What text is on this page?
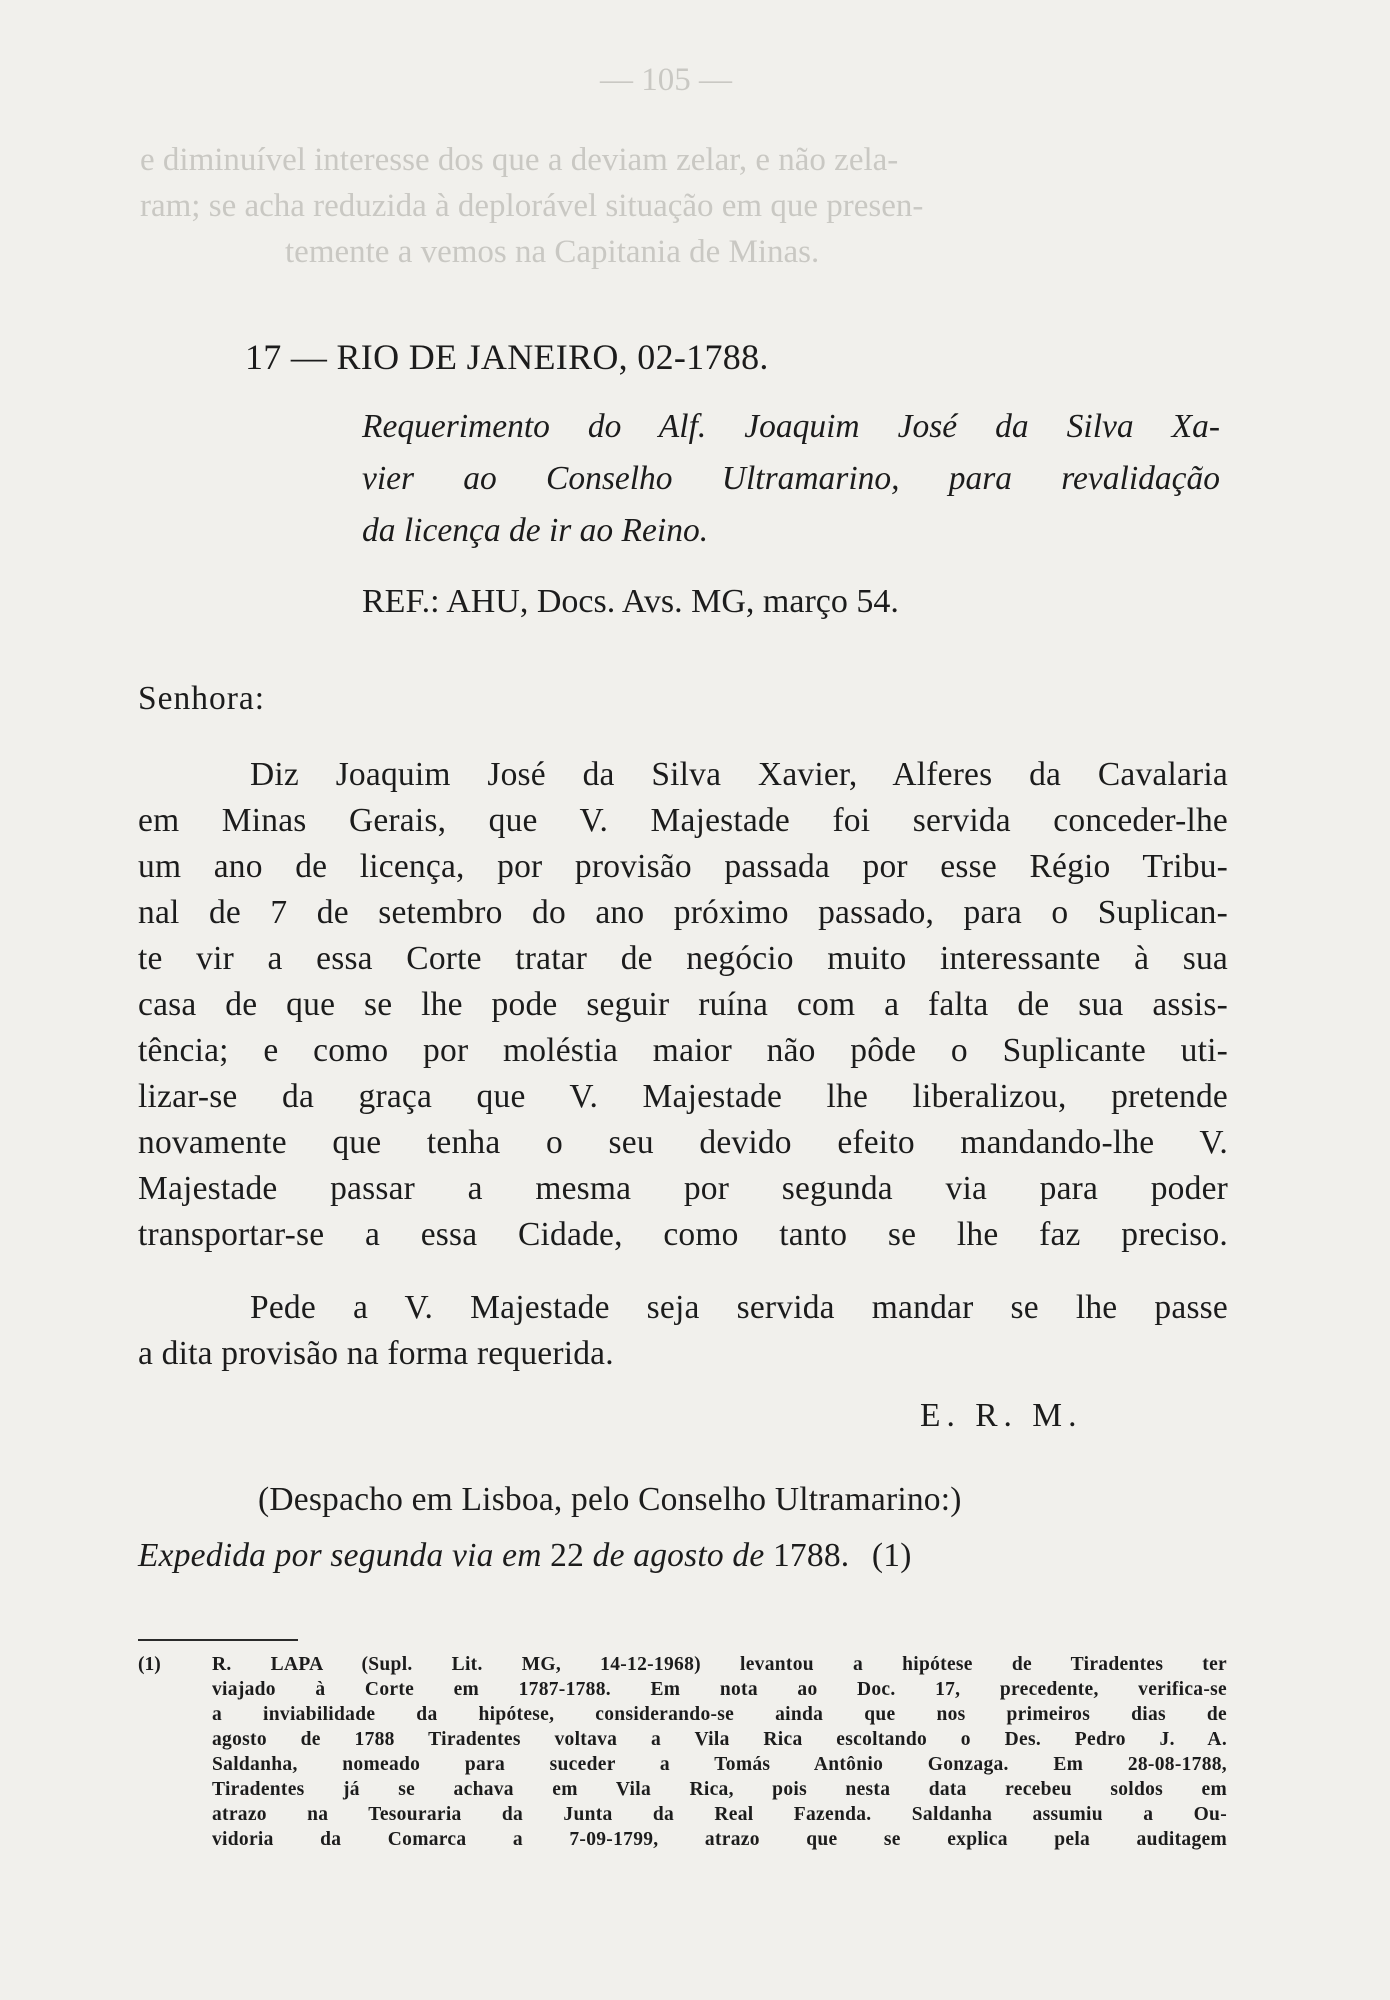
— 105 —
e diminuível interesse dos que a deviam zelar, e não zela-
ram; se acha reduzida à deplorável situação em que presen-
temente a vemos na Capitania de Minas.
17 — RIO DE JANEIRO, 02-1788.
Requerimento do Alf. Joaquim José da Silva Xa-
vier ao Conselho Ultramarino, para revalidação
da licença de ir ao Reino.
REF.: AHU, Docs. Avs. MG, março 54.
Senhora:
Diz Joaquim José da Silva Xavier, Alferes da Cavalaria
em Minas Gerais, que V. Majestade foi servida conceder-lhe
um ano de licença, por provisão passada por esse Régio Tribu-
nal de 7 de setembro do ano próximo passado, para o Suplican-
te vir a essa Corte tratar de negócio muito interessante à sua
casa de que se lhe pode seguir ruína com a falta de sua assis-
tência; e como por moléstia maior não pôde o Suplicante uti-
lizar-se da graça que V. Majestade lhe liberalizou, pretende
novamente que tenha o seu devido efeito mandando-lhe V.
Majestade passar a mesma por segunda via para poder
transportar-se a essa Cidade, como tanto se lhe faz preciso.
Pede a V. Majestade seja servida mandar se lhe passe
a dita provisão na forma requerida.
E. R. M.
(Despacho em Lisboa, pelo Conselho Ultramarino:)
Expedida por segunda via em 22 de agosto de 1788. (1)
(1)	R. LAPA (Supl. Lit. MG, 14-12-1968) levantou a hipótese de Tiradentes ter
viajado à Corte em 1787-1788. Em nota ao Doc. 17, precedente, verifica-se
a inviabilidade da hipótese, considerando-se ainda que nos primeiros dias de
agosto de 1788 Tiradentes voltava a Vila Rica escoltando o Des. Pedro J. A.
Saldanha, nomeado para suceder a Tomás Antônio Gonzaga. Em 28-08-1788,
Tiradentes já se achava em Vila Rica, pois nesta data recebeu soldos em
atrazo na Tesouraria da Junta da Real Fazenda. Saldanha assumiu a Ou-
vidoria da Comarca a 7-09-1799, atrazo que se explica pela auditagem
